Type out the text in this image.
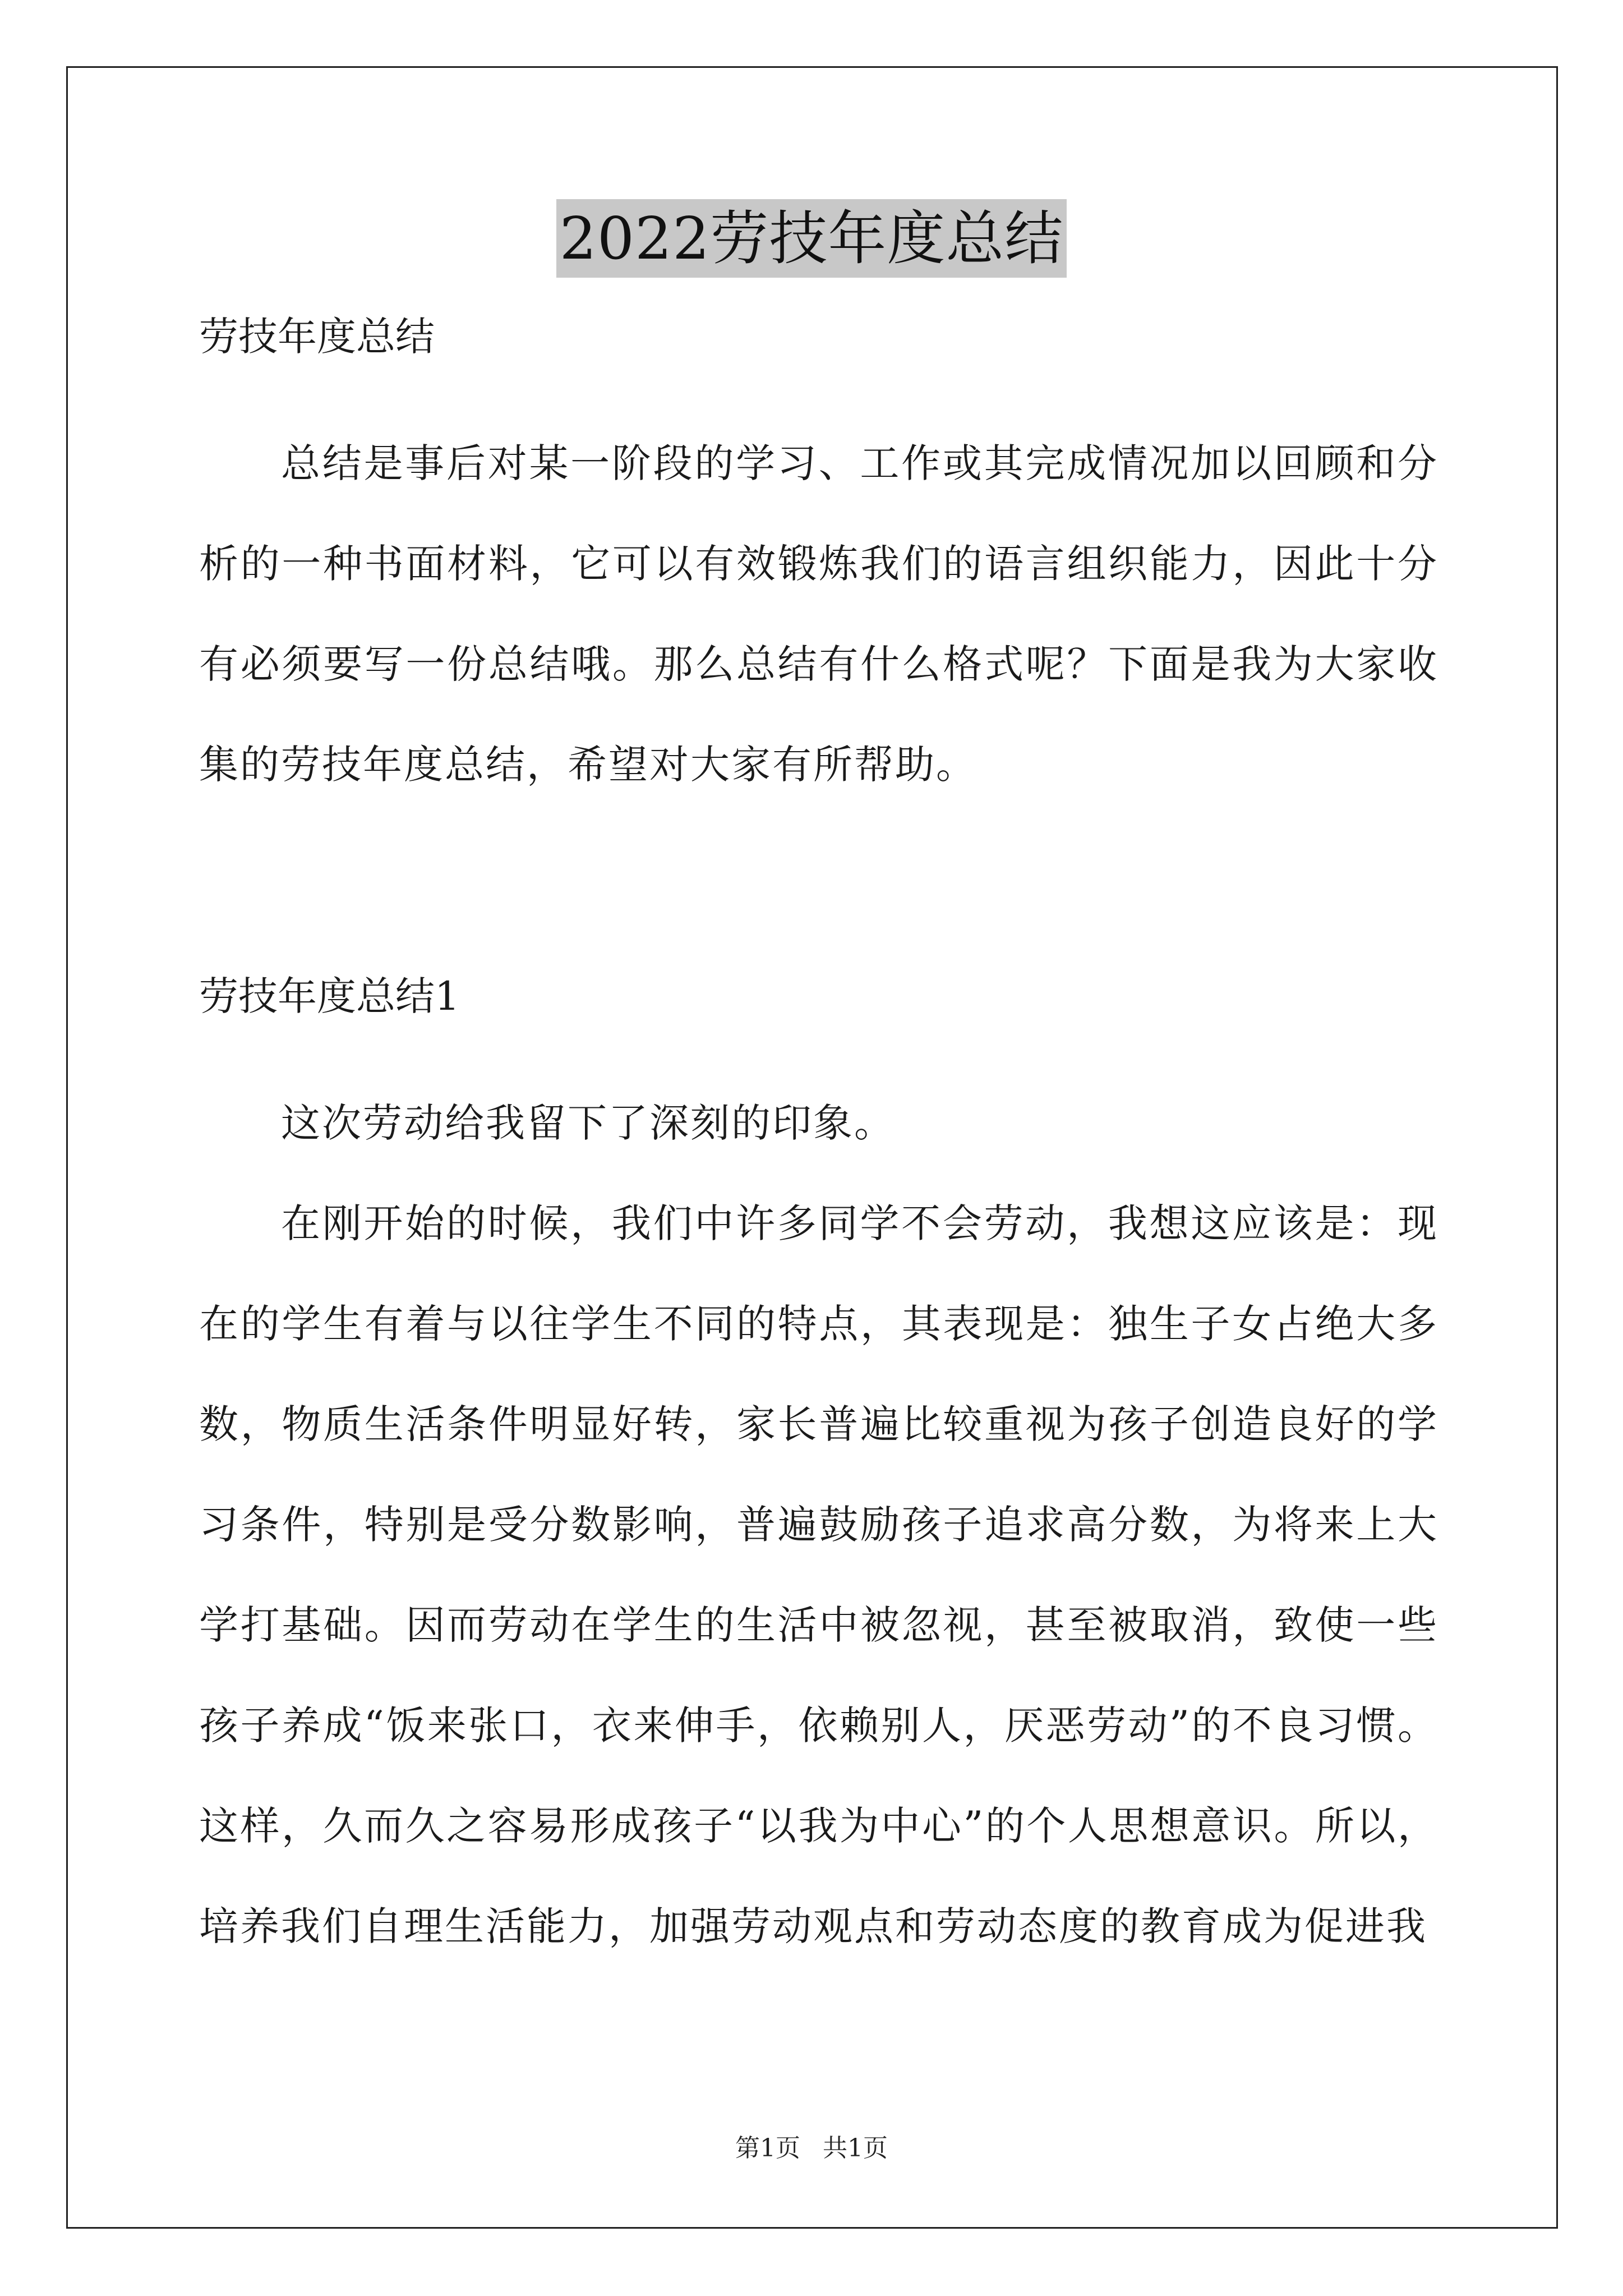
2022劳技年度总结

劳技年度总结

总结是事后对某一阶段的学习、工作或其完成情况加以回顾和分析的一种书面材料，它可以有效锻炼我们的语言组织能力，因此十分有必须要写一份总结哦。那么总结有什么格式呢？下面是我为大家收集的劳技年度总结，希望对大家有所帮助。

劳技年度总结1

这次劳动给我留下了深刻的印象。

在刚开始的时候，我们中许多同学不会劳动，我想这应该是：现在的学生有着与以往学生不同的特点，其表现是：独生子女占绝大多数，物质生活条件明显好转，家长普遍比较重视为孩子创造良好的学习条件，特别是受分数影响，普遍鼓励孩子追求高分数，为将来上大学打基础。因而劳动在学生的生活中被忽视，甚至被取消，致使一些孩子养成“饭来张口，衣来伸手，依赖别人，厌恶劳动”的不良习惯。这样，久而久之容易形成孩子“以我为中心”的个人思想意识。所以，培养我们自理生活能力，加强劳动观点和劳动态度的教育成为促进我

第1页 共1页
